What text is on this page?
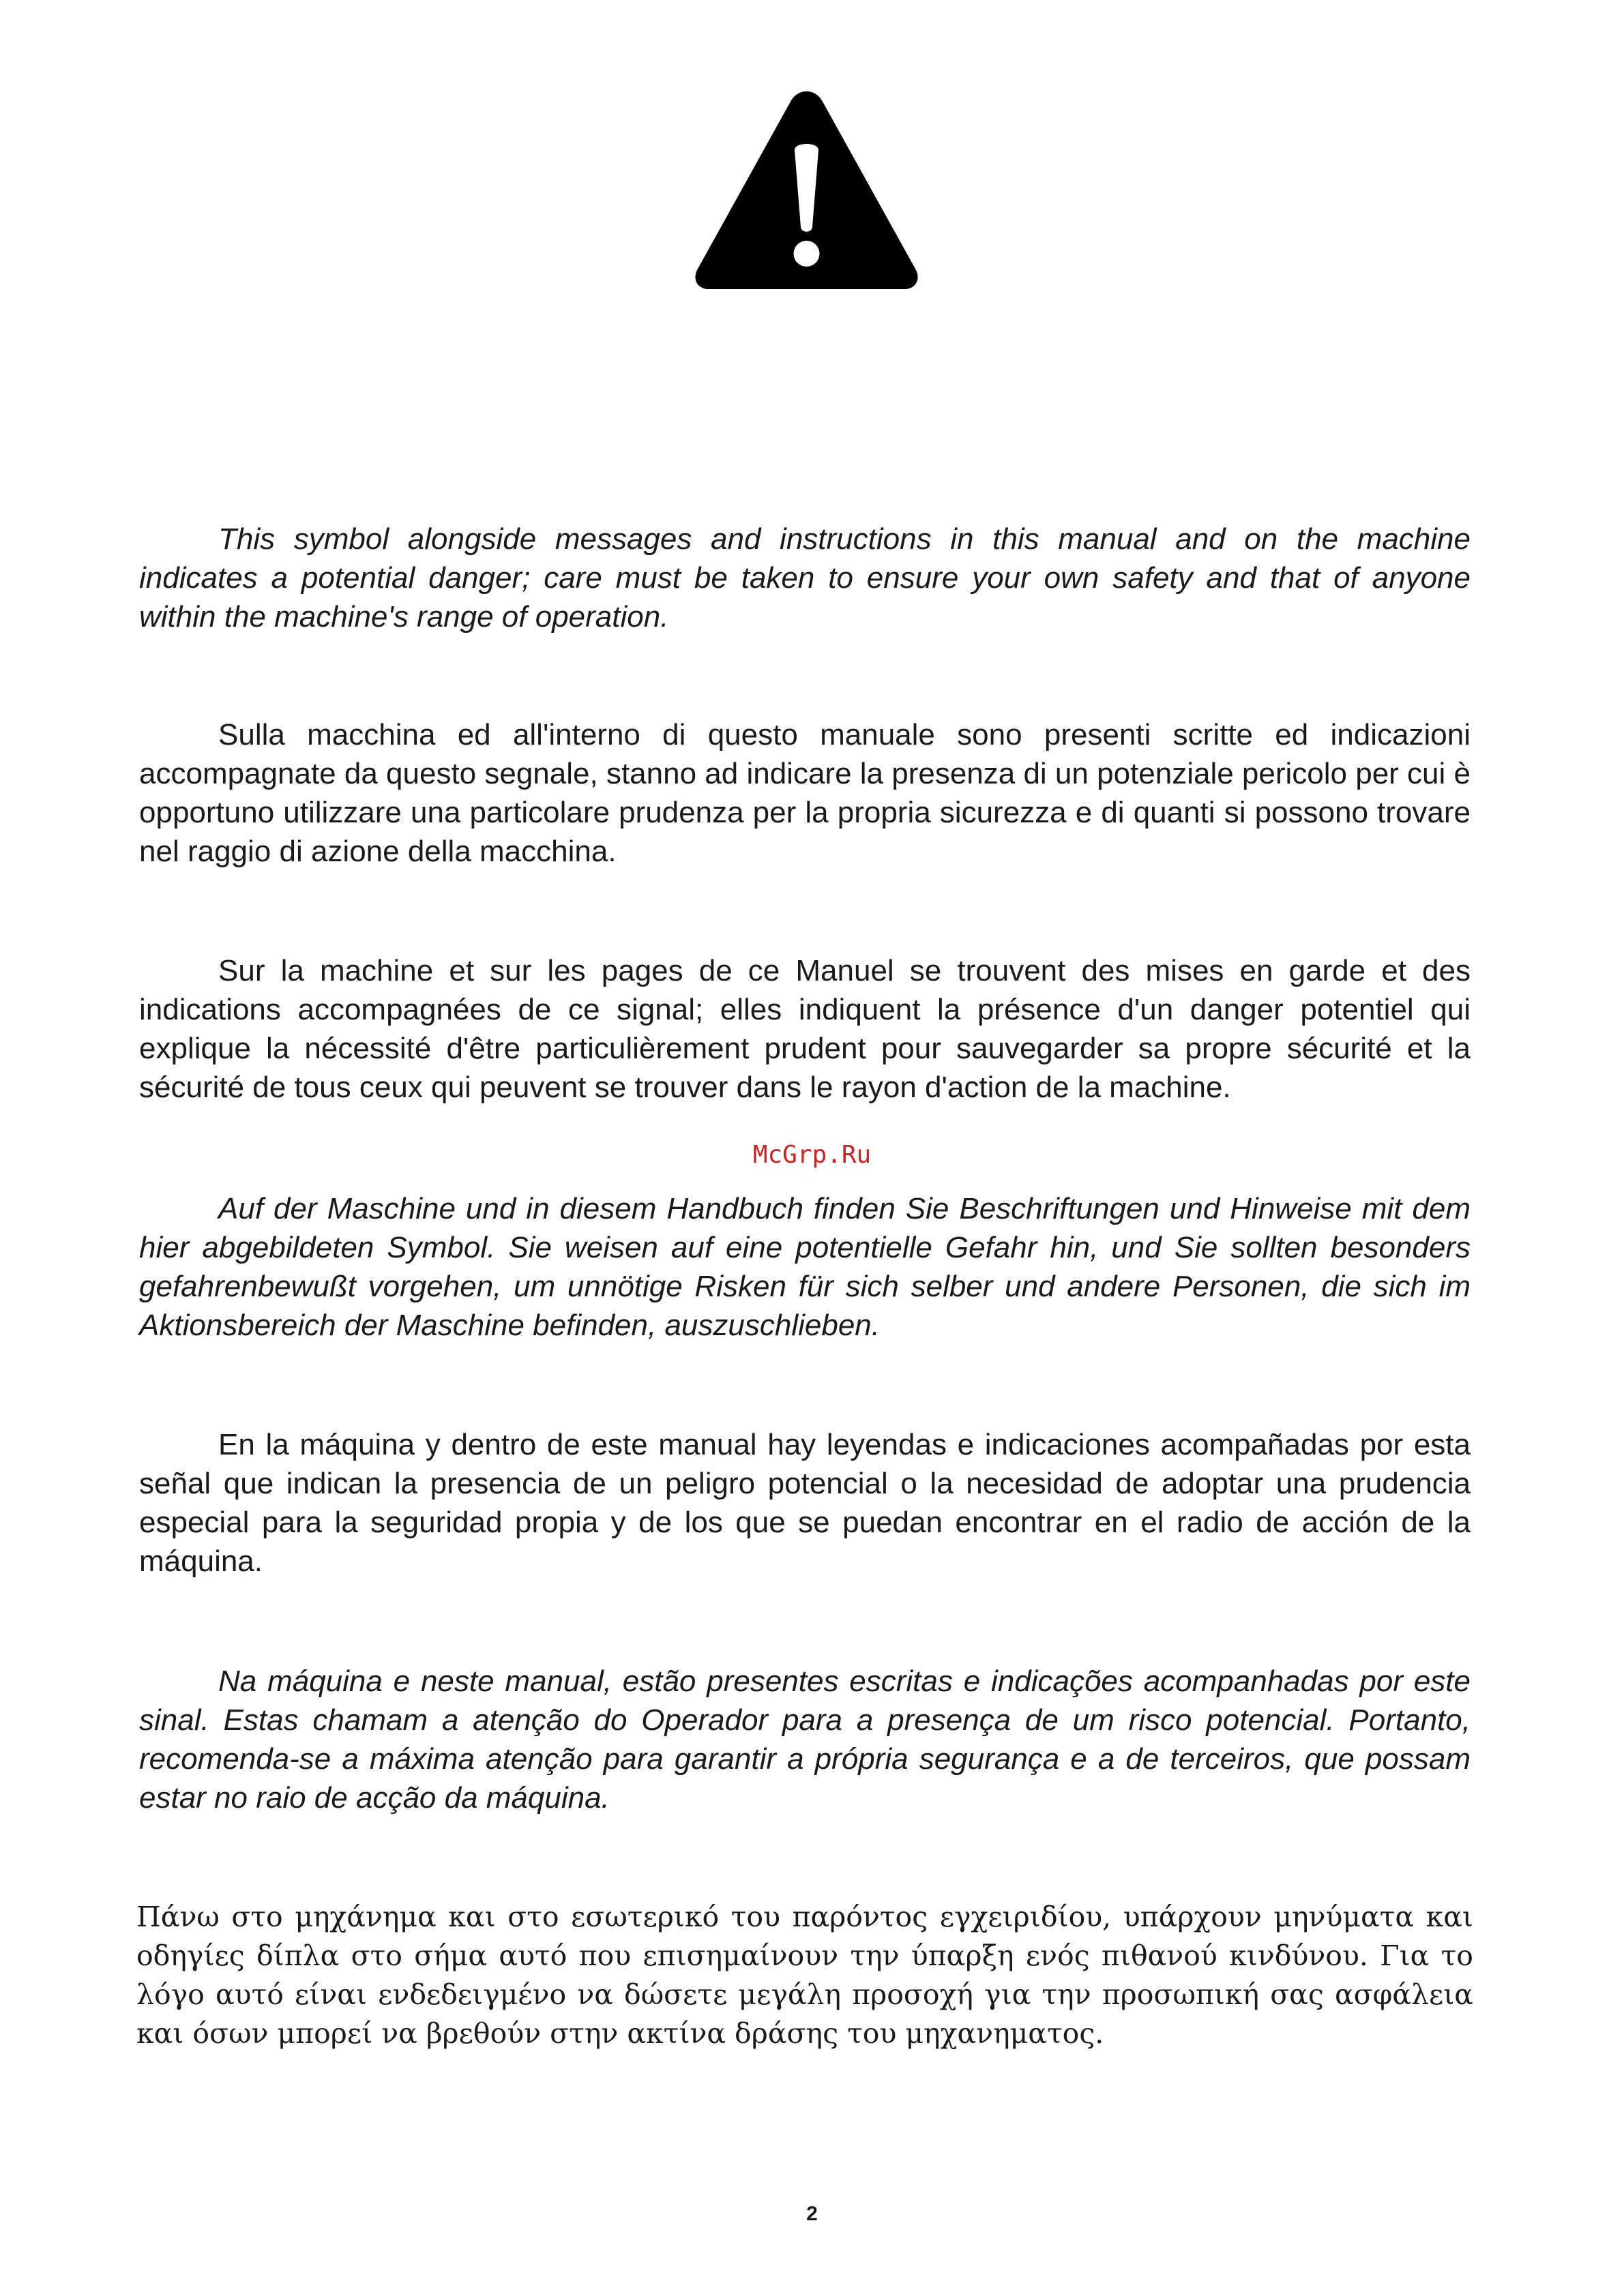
This symbol alongside messages and instructions in this manual and on the machine indicates a potential danger; care must be taken to ensure your own safety and that of anyone within the machine's range of operation.

Sulla macchina ed all'interno di questo manuale sono presenti scritte ed indicazioni accompagnate da questo segnale, stanno ad indicare la presenza di un potenziale pericolo per cui è opportuno utilizzare una particolare prudenza per la propria sicurezza e di quanti si possono trovare nel raggio di azione della macchina.

Sur la machine et sur les pages de ce Manuel se trouvent des mises en garde et des indications accompagnées de ce signal; elles indiquent la présence d'un danger potentiel qui explique la nécessité d'être particulièrement prudent pour sauvegarder sa propre sécurité et la sécurité de tous ceux qui peuvent se trouver dans le rayon d'action de la machine.

McGrp.Ru

Auf der Maschine und in diesem Handbuch finden Sie Beschriftungen und Hinweise mit dem hier abgebildeten Symbol. Sie weisen auf eine potentielle Gefahr hin, und Sie sollten besonders gefahrenbewußt vorgehen, um unnötige Risken für sich selber und andere Personen, die sich im Aktionsbereich der Maschine befinden, auszuschlieben.

En la máquina y dentro de este manual hay leyendas e indicaciones acompañadas por esta señal que indican la presencia de un peligro potencial o la necesidad de adoptar una prudencia especial para la seguridad propia y de los que se puedan encontrar en el radio de acción de la máquina.

Na máquina e neste manual, estão presentes escritas e indicações acompanhadas por este sinal. Estas chamam a atenção do Operador para a presença de um risco potencial. Portanto, recomenda-se a máxima atenção para garantir a própria segurança e a de terceiros, que possam estar no raio de acção da máquina.

Πάνω στο μηχάνημα και στο εσωτερικό του παρόντος εγχειριδίου, υπάρχουν μηνύματα και οδηγίες δίπλα στο σήμα αυτό που επισημαίνουν την ύπαρξη ενός πιθανού κινδύνου. Για το λόγο αυτό είναι ενδεδειγμένο να δώσετε μεγάλη προσοχή για την προσωπική σας ασφάλεια και όσων μπορεί να βρεθούν στην ακτίνα δράσης του μηχανηματος.

2
